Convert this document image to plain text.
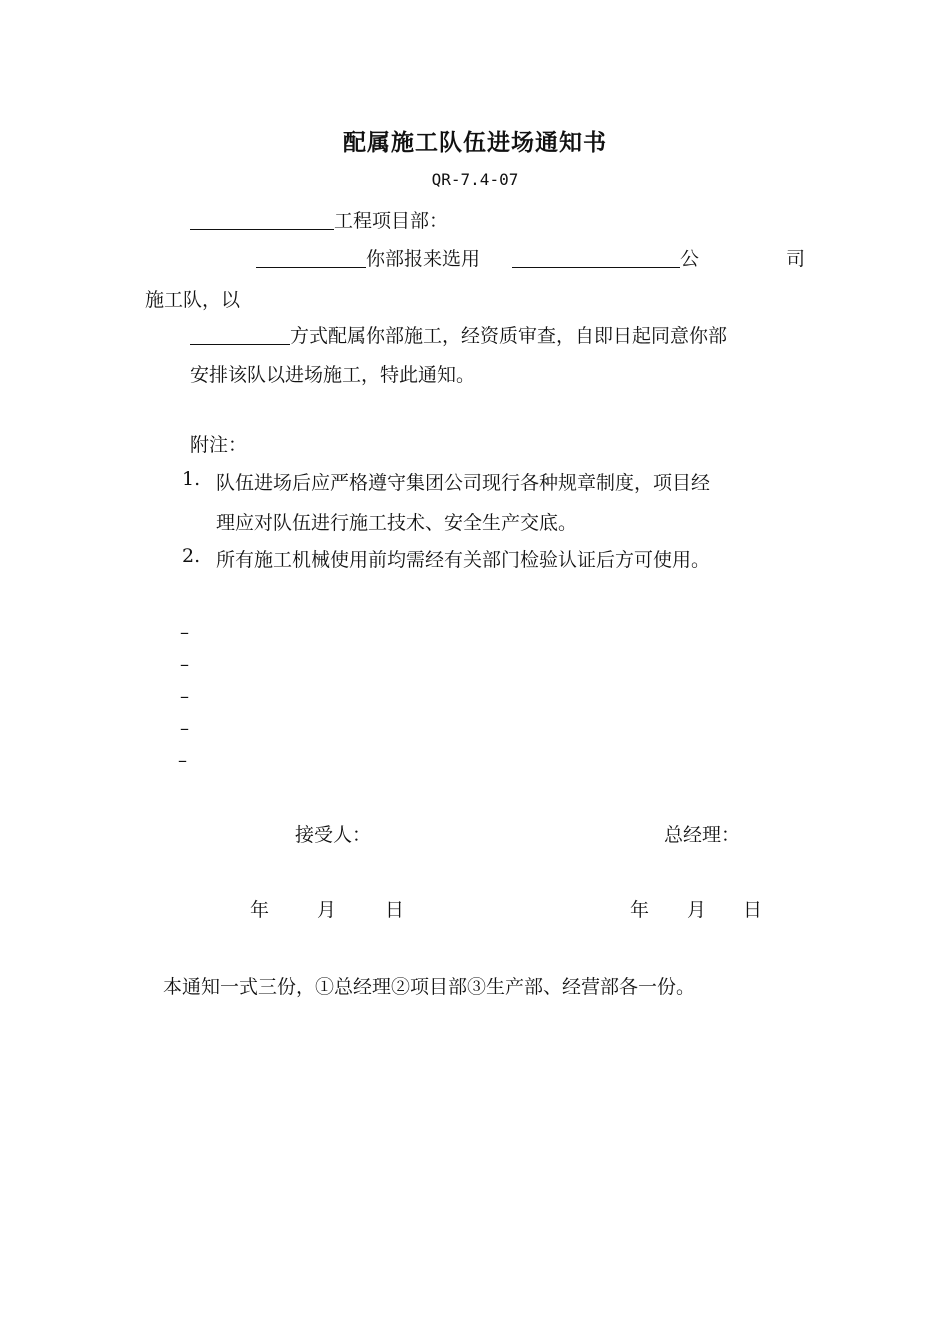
配属施工队伍进场通知书
QR-7.4-07
工程项目部：
你部报来选用	公	司
施工队，以
方式配属你部施工，经资质审查，自即日起同意你部
安排该队以进场施工，特此通知。
附注：
1. 队伍进场后应严格遵守集团公司现行各种规章制度，项目经
理应对队伍进行施工技术、安全生产交底。
2. 所有施工机械使用前均需经有关部门检验认证后方可使用。
–
–
–
–
–
接受人：	总经理：
年	月	日	年 月 日
本通知一式三份，①总经理②项目部③生产部、经营部各一份。
